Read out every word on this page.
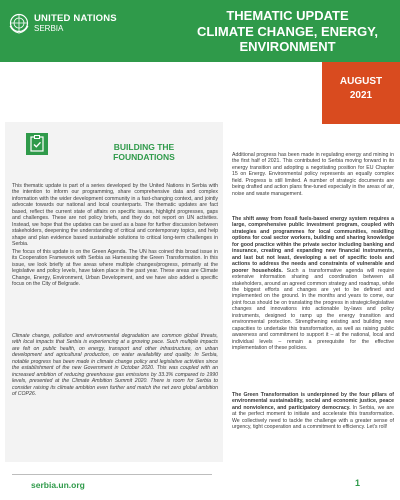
UNITED NATIONS
SERBIA
THEMATIC UPDATE
CLIMATE CHANGE, ENERGY,
ENVIRONMENT
AUGUST
2021
BUILDING THE
FOUNDATIONS

This thematic update is part of a series developed by the United Nations in Serbia with the intention to inform our programming, share comprehensive data and complex information with the wider development community in a fast-changing context, and jointly advocate towards our national and local counterparts. The thematic updates are fact based, reflect the current state of affairs on specific issues, highlight progresses, gaps and challenges. These are not policy briefs, and they do not report on UN activities. Instead, we hope that the updates can be used as a base for further discussion between stakeholders, deepening the understanding of critical and contemporary topics, and help shape and plan evidence based sustainable solutions to critical long-term challenges in Serbia.

The focus of this update is on the Green Agenda. The UN has coined this broad issue in its Cooperation Framework with Serbia as Harnessing the Green Transformation. In this issue, we look briefly at five areas where multiple changes/progress, primarily at the legislative and policy levels, have taken place in the past year. These areas are Climate Change, Energy, Environment, Urban Development, and we have also added a specific focus on the City of Belgrade.

Climate change, pollution and environmental degradation are common global threats, with local impacts that Serbia is experiencing at a growing pace. Such multiple impacts are felt on public health, on energy, transport and other infrastructure, on urban development and agricultural production, on water availability and quality. In Serbia, notable progress has been made in climate change policy and legislative activities since the establishment of the new Government in October 2020. This was coupled with an increased ambition of reducing greenhouse gas emissions by 33.3% compared to 1990 levels, presented at the Climate Ambition Summit 2020. There is room for Serbia to consider raising its climate ambition even further and match the net zero global ambition of COP26.

Additional progress has been made in regulating energy and mining in the first half of 2021. This contributed to Serbia moving forward in its energy transition and adopting a negotiating position for EU Chapter 15 on Energy. Environmental policy represents an equally complex field. Progress is still limited. A number of strategic documents are being drafted and action plans fine-tuned especially in the areas of air, noise and waste management.

The shift away from fossil fuels-based energy system requires a large, comprehensive public investment program, coupled with strategies and programmes for local communities, reskilling options for coal sector workers, building and sharing knowledge for good practice within the private sector including banking and insurance, creating and expanding new financial instruments, and last but not least, developing a set of specific tools and actions to address the needs and constraints of vulnerable and poorer households. Such a transformative agenda will require extensive information sharing and coordination between all stakeholders, around an agreed common strategy and roadmap, while the biggest efforts and changes are yet to be defined and implemented on the ground. In the months and years to come, our joint focus should be on translating the progress in strategic/legislative changes and innovations into actionable by-laws and policy instruments, designed to ramp up the energy transition and environmental protection. Strengthening existing and building new capacities to undertake this transformation, as well as raising public awareness and commitment to support it – at the national, local and individual levels – remain a prerequisite for the effective implementation of these policies.

The Green Transformation is underpinned by the four pillars of environmental sustainability, social and economic justice, peace and nonviolence, and participatory democracy. In Serbia, we are at the perfect moment to initiate and accelerate this transformation. We collectively need to tackle the challenge with a greater sense of urgency, tight cooperation and a commitment to efficiency. Let's roll!

serbia.un.org	1
